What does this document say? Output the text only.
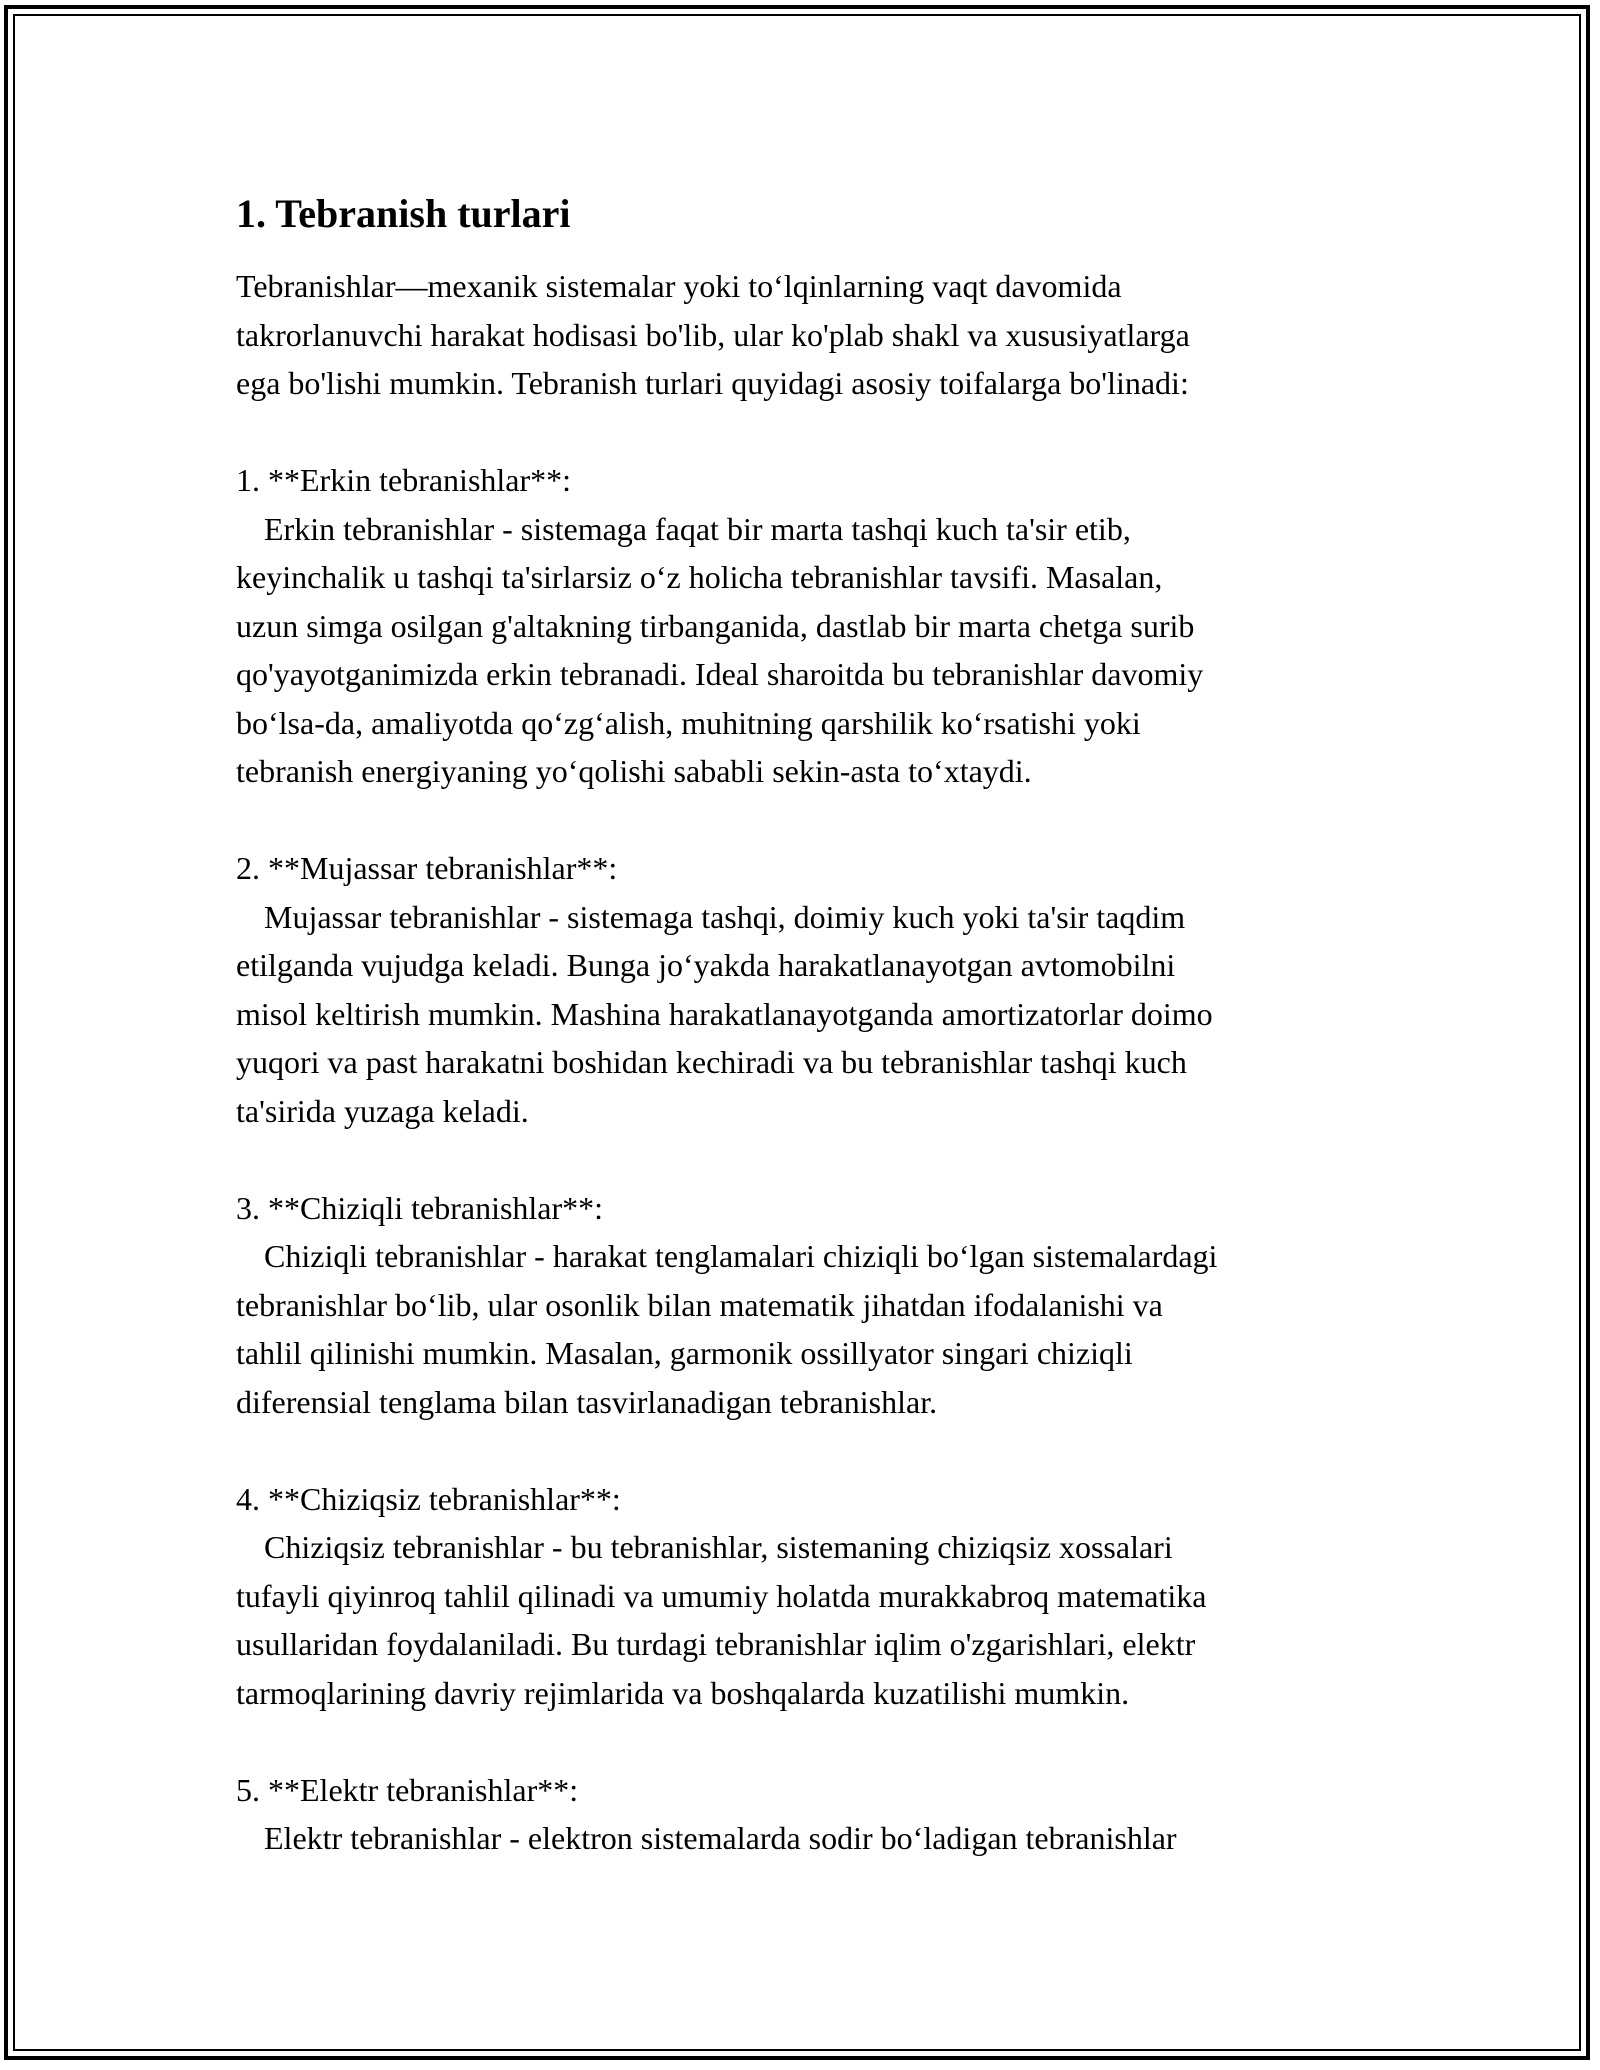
1. Tebranish turlari

Tebranishlar—mexanik sistemalar yoki to‘lqinlarning vaqt davomida
takrorlanuvchi harakat hodisasi bo'lib, ular ko'plab shakl va xususiyatlarga
ega bo'lishi mumkin. Tebranish turlari quyidagi asosiy toifalarga bo'linadi:

1. **Erkin tebranishlar**:
Erkin tebranishlar - sistemaga faqat bir marta tashqi kuch ta'sir etib,
keyinchalik u tashqi ta'sirlarsiz o‘z holicha tebranishlar tavsifi. Masalan,
uzun simga osilgan g'altakning tirbanganida, dastlab bir marta chetga surib
qo'yayotganimizda erkin tebranadi. Ideal sharoitda bu tebranishlar davomiy
bo‘lsa-da, amaliyotda qo‘zg‘alish, muhitning qarshilik ko‘rsatishi yoki
tebranish energiyaning yo‘qolishi sababli sekin-asta to‘xtaydi.
2. **Mujassar tebranishlar**:
Mujassar tebranishlar - sistemaga tashqi, doimiy kuch yoki ta'sir taqdim
etilganda vujudga keladi. Bunga jo‘yakda harakatlanayotgan avtomobilni
misol keltirish mumkin. Mashina harakatlanayotganda amortizatorlar doimo
yuqori va past harakatni boshidan kechiradi va bu tebranishlar tashqi kuch
ta'sirida yuzaga keladi.
3. **Chiziqli tebranishlar**:
Chiziqli tebranishlar - harakat tenglamalari chiziqli bo‘lgan sistemalardagi
tebranishlar bo‘lib, ular osonlik bilan matematik jihatdan ifodalanishi va
tahlil qilinishi mumkin. Masalan, garmonik ossillyator singari chiziqli
diferensial tenglama bilan tasvirlanadigan tebranishlar.
4. **Chiziqsiz tebranishlar**:
Chiziqsiz tebranishlar - bu tebranishlar, sistemaning chiziqsiz xossalari
tufayli qiyinroq tahlil qilinadi va umumiy holatda murakkabroq matematika
usullaridan foydalaniladi. Bu turdagi tebranishlar iqlim o'zgarishlari, elektr
tarmoqlarining davriy rejimlarida va boshqalarda kuzatilishi mumkin.
5. **Elektr tebranishlar**:
Elektr tebranishlar - elektron sistemalarda sodir bo‘ladigan tebranishlar
